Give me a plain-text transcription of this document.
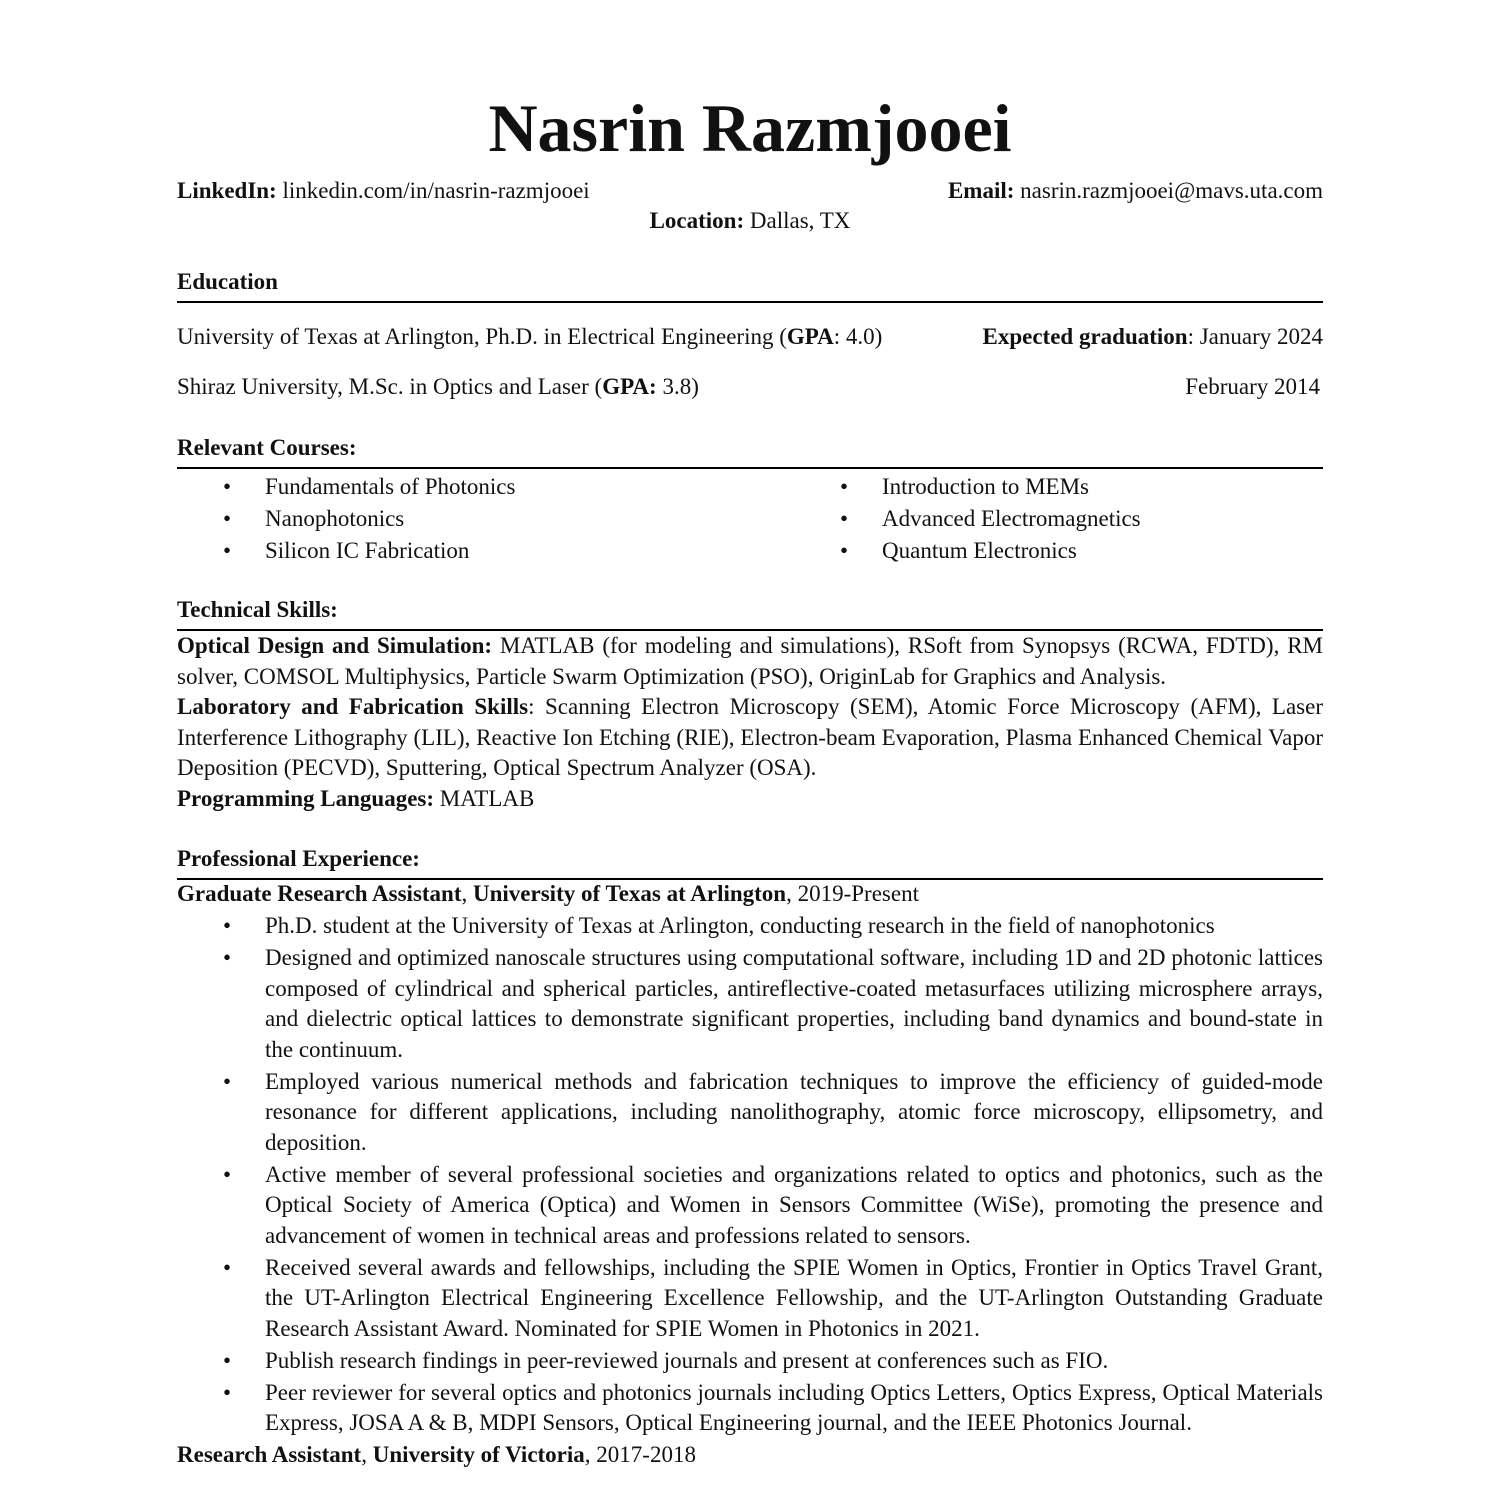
Nasrin Razmjooei
LinkedIn: linkedin.com/in/nasrin-razmjooei	Email: nasrin.razmjooei@mavs.uta.com
Location: Dallas, TX
Education
University of Texas at Arlington, Ph.D. in Electrical Engineering (GPA: 4.0)	Expected graduation: January 2024
Shiraz University, M.Sc. in Optics and Laser (GPA: 3.8)	February 2014
Relevant Courses:
• Fundamentals of Photonics	• Introduction to MEMs
• Nanophotonics	• Advanced Electromagnetics
• Silicon IC Fabrication	• Quantum Electronics
Technical Skills:
Optical Design and Simulation: MATLAB (for modeling and simulations), RSoft from Synopsys (RCWA, FDTD), RM solver, COMSOL Multiphysics, Particle Swarm Optimization (PSO), OriginLab for Graphics and Analysis.
Laboratory and Fabrication Skills: Scanning Electron Microscopy (SEM), Atomic Force Microscopy (AFM), Laser Interference Lithography (LIL), Reactive Ion Etching (RIE), Electron-beam Evaporation, Plasma Enhanced Chemical Vapor Deposition (PECVD), Sputtering, Optical Spectrum Analyzer (OSA).
Programming Languages: MATLAB
Professional Experience:
Graduate Research Assistant, University of Texas at Arlington, 2019-Present
• Ph.D. student at the University of Texas at Arlington, conducting research in the field of nanophotonics
• Designed and optimized nanoscale structures using computational software, including 1D and 2D photonic lattices composed of cylindrical and spherical particles, antireflective-coated metasurfaces utilizing microsphere arrays, and dielectric optical lattices to demonstrate significant properties, including band dynamics and bound-state in the continuum.
• Employed various numerical methods and fabrication techniques to improve the efficiency of guided-mode resonance for different applications, including nanolithography, atomic force microscopy, ellipsometry, and deposition.
• Active member of several professional societies and organizations related to optics and photonics, such as the Optical Society of America (Optica) and Women in Sensors Committee (WiSe), promoting the presence and advancement of women in technical areas and professions related to sensors.
• Received several awards and fellowships, including the SPIE Women in Optics, Frontier in Optics Travel Grant, the UT-Arlington Electrical Engineering Excellence Fellowship, and the UT-Arlington Outstanding Graduate Research Assistant Award. Nominated for SPIE Women in Photonics in 2021.
• Publish research findings in peer-reviewed journals and present at conferences such as FIO.
• Peer reviewer for several optics and photonics journals including Optics Letters, Optics Express, Optical Materials Express, JOSA A & B, MDPI Sensors, Optical Engineering journal, and the IEEE Photonics Journal.
Research Assistant, University of Victoria, 2017-2018
